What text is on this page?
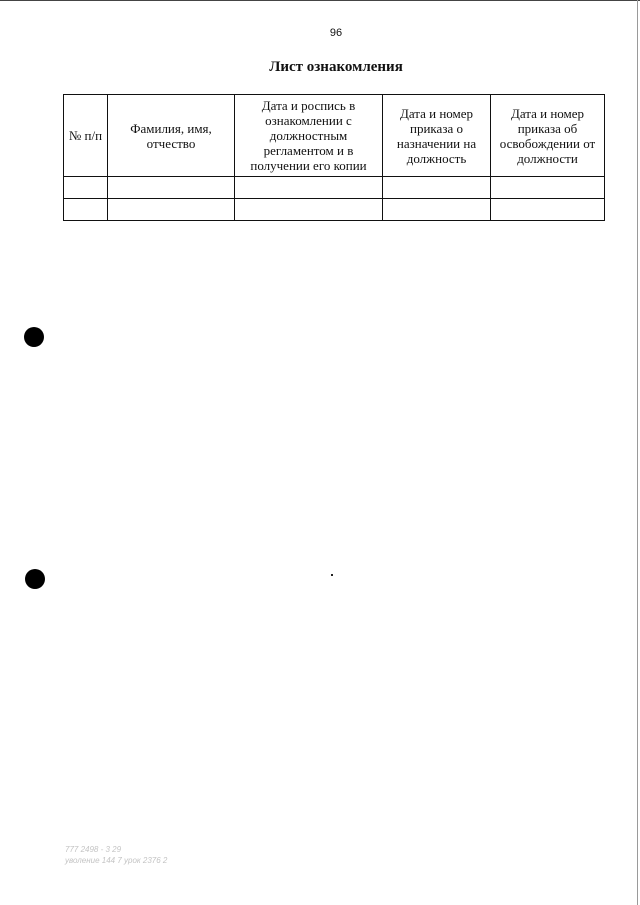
96
Лист ознакомления
№ п/п	Фамилия, имя, отчество	Дата и роспись в ознакомлении с должностным регламентом и в получении его копии	Дата и номер приказа о назначении на должность	Дата и номер приказа об освобождении от должности

777 2498 - 3 29
уволение 144 7 урок 2376 2
